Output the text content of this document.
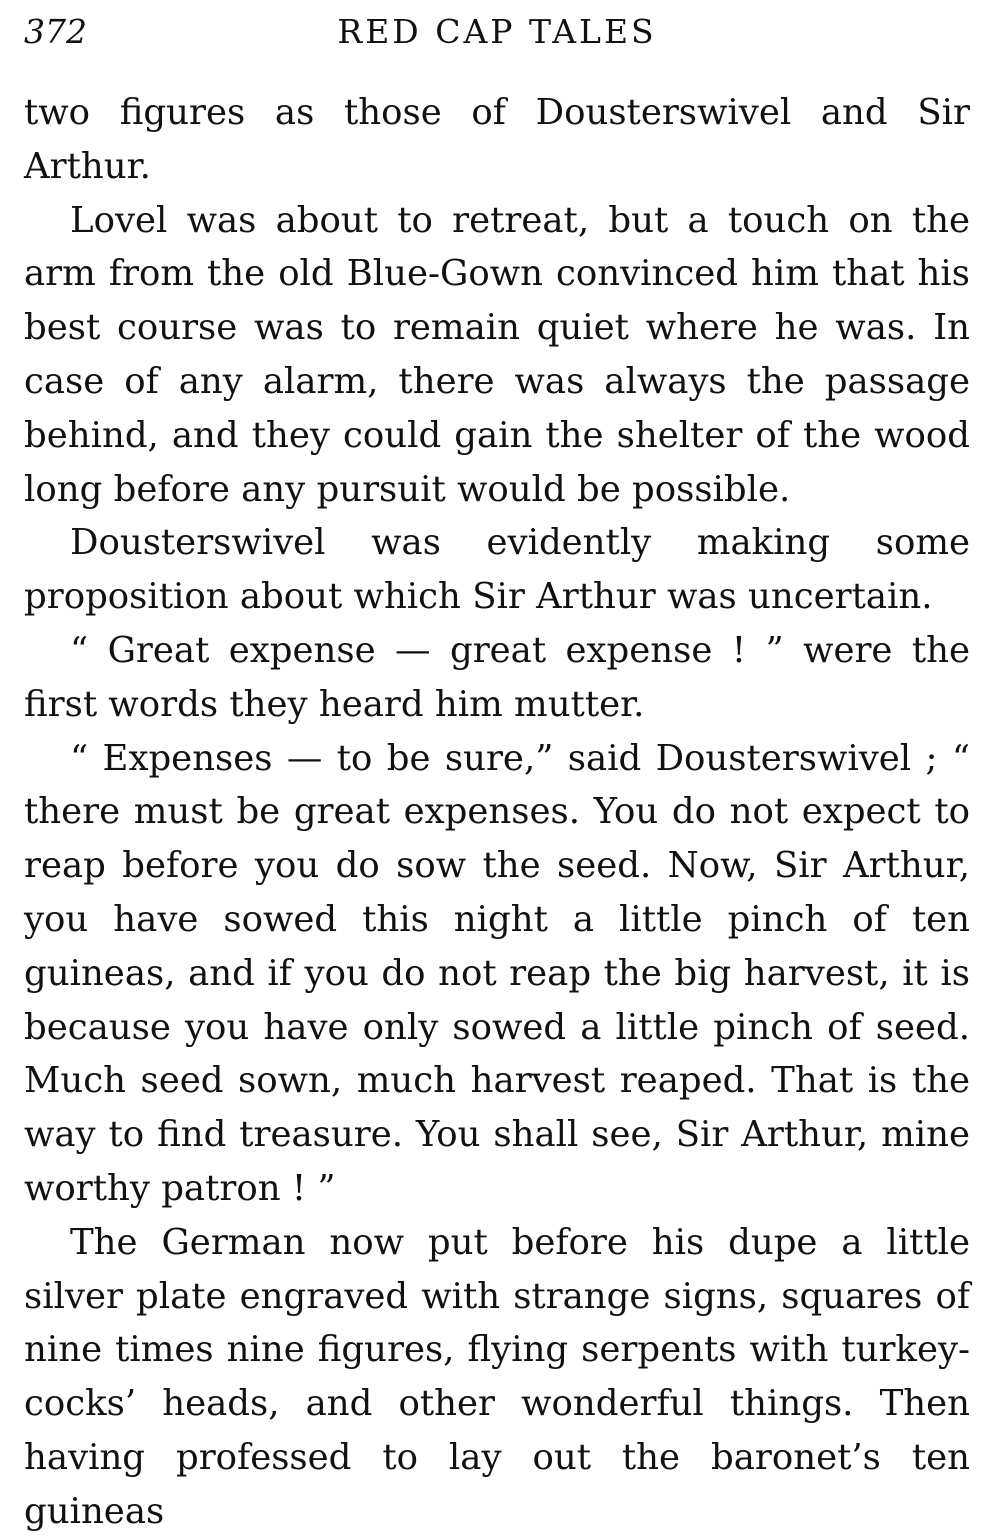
372	RED CAP TALES

two figures as those of Dousterswivel and Sir Arthur.

Lovel was about to retreat, but a touch on the arm from the old Blue-Gown convinced him that his best course was to remain quiet where he was. In case of any alarm, there was always the passage behind, and they could gain the shelter of the wood long before any pursuit would be possible.

Dousterswivel was evidently making some proposition about which Sir Arthur was uncertain.

“ Great expense — great expense ! ” were the first words they heard him mutter.

“ Expenses — to be sure,” said Dousterswivel ; “ there must be great expenses. You do not expect to reap before you do sow the seed. Now, Sir Arthur, you have sowed this night a little pinch of ten guineas, and if you do not reap the big harvest, it is because you have only sowed a little pinch of seed. Much seed sown, much harvest reaped. That is the way to find treasure. You shall see, Sir Arthur, mine worthy patron ! ”

The German now put before his dupe a little silver plate engraved with strange signs, squares of nine times nine figures, flying serpents with turkey-cocks’ heads, and other wonderful things. Then having professed to lay out the baronet’s ten guineas
